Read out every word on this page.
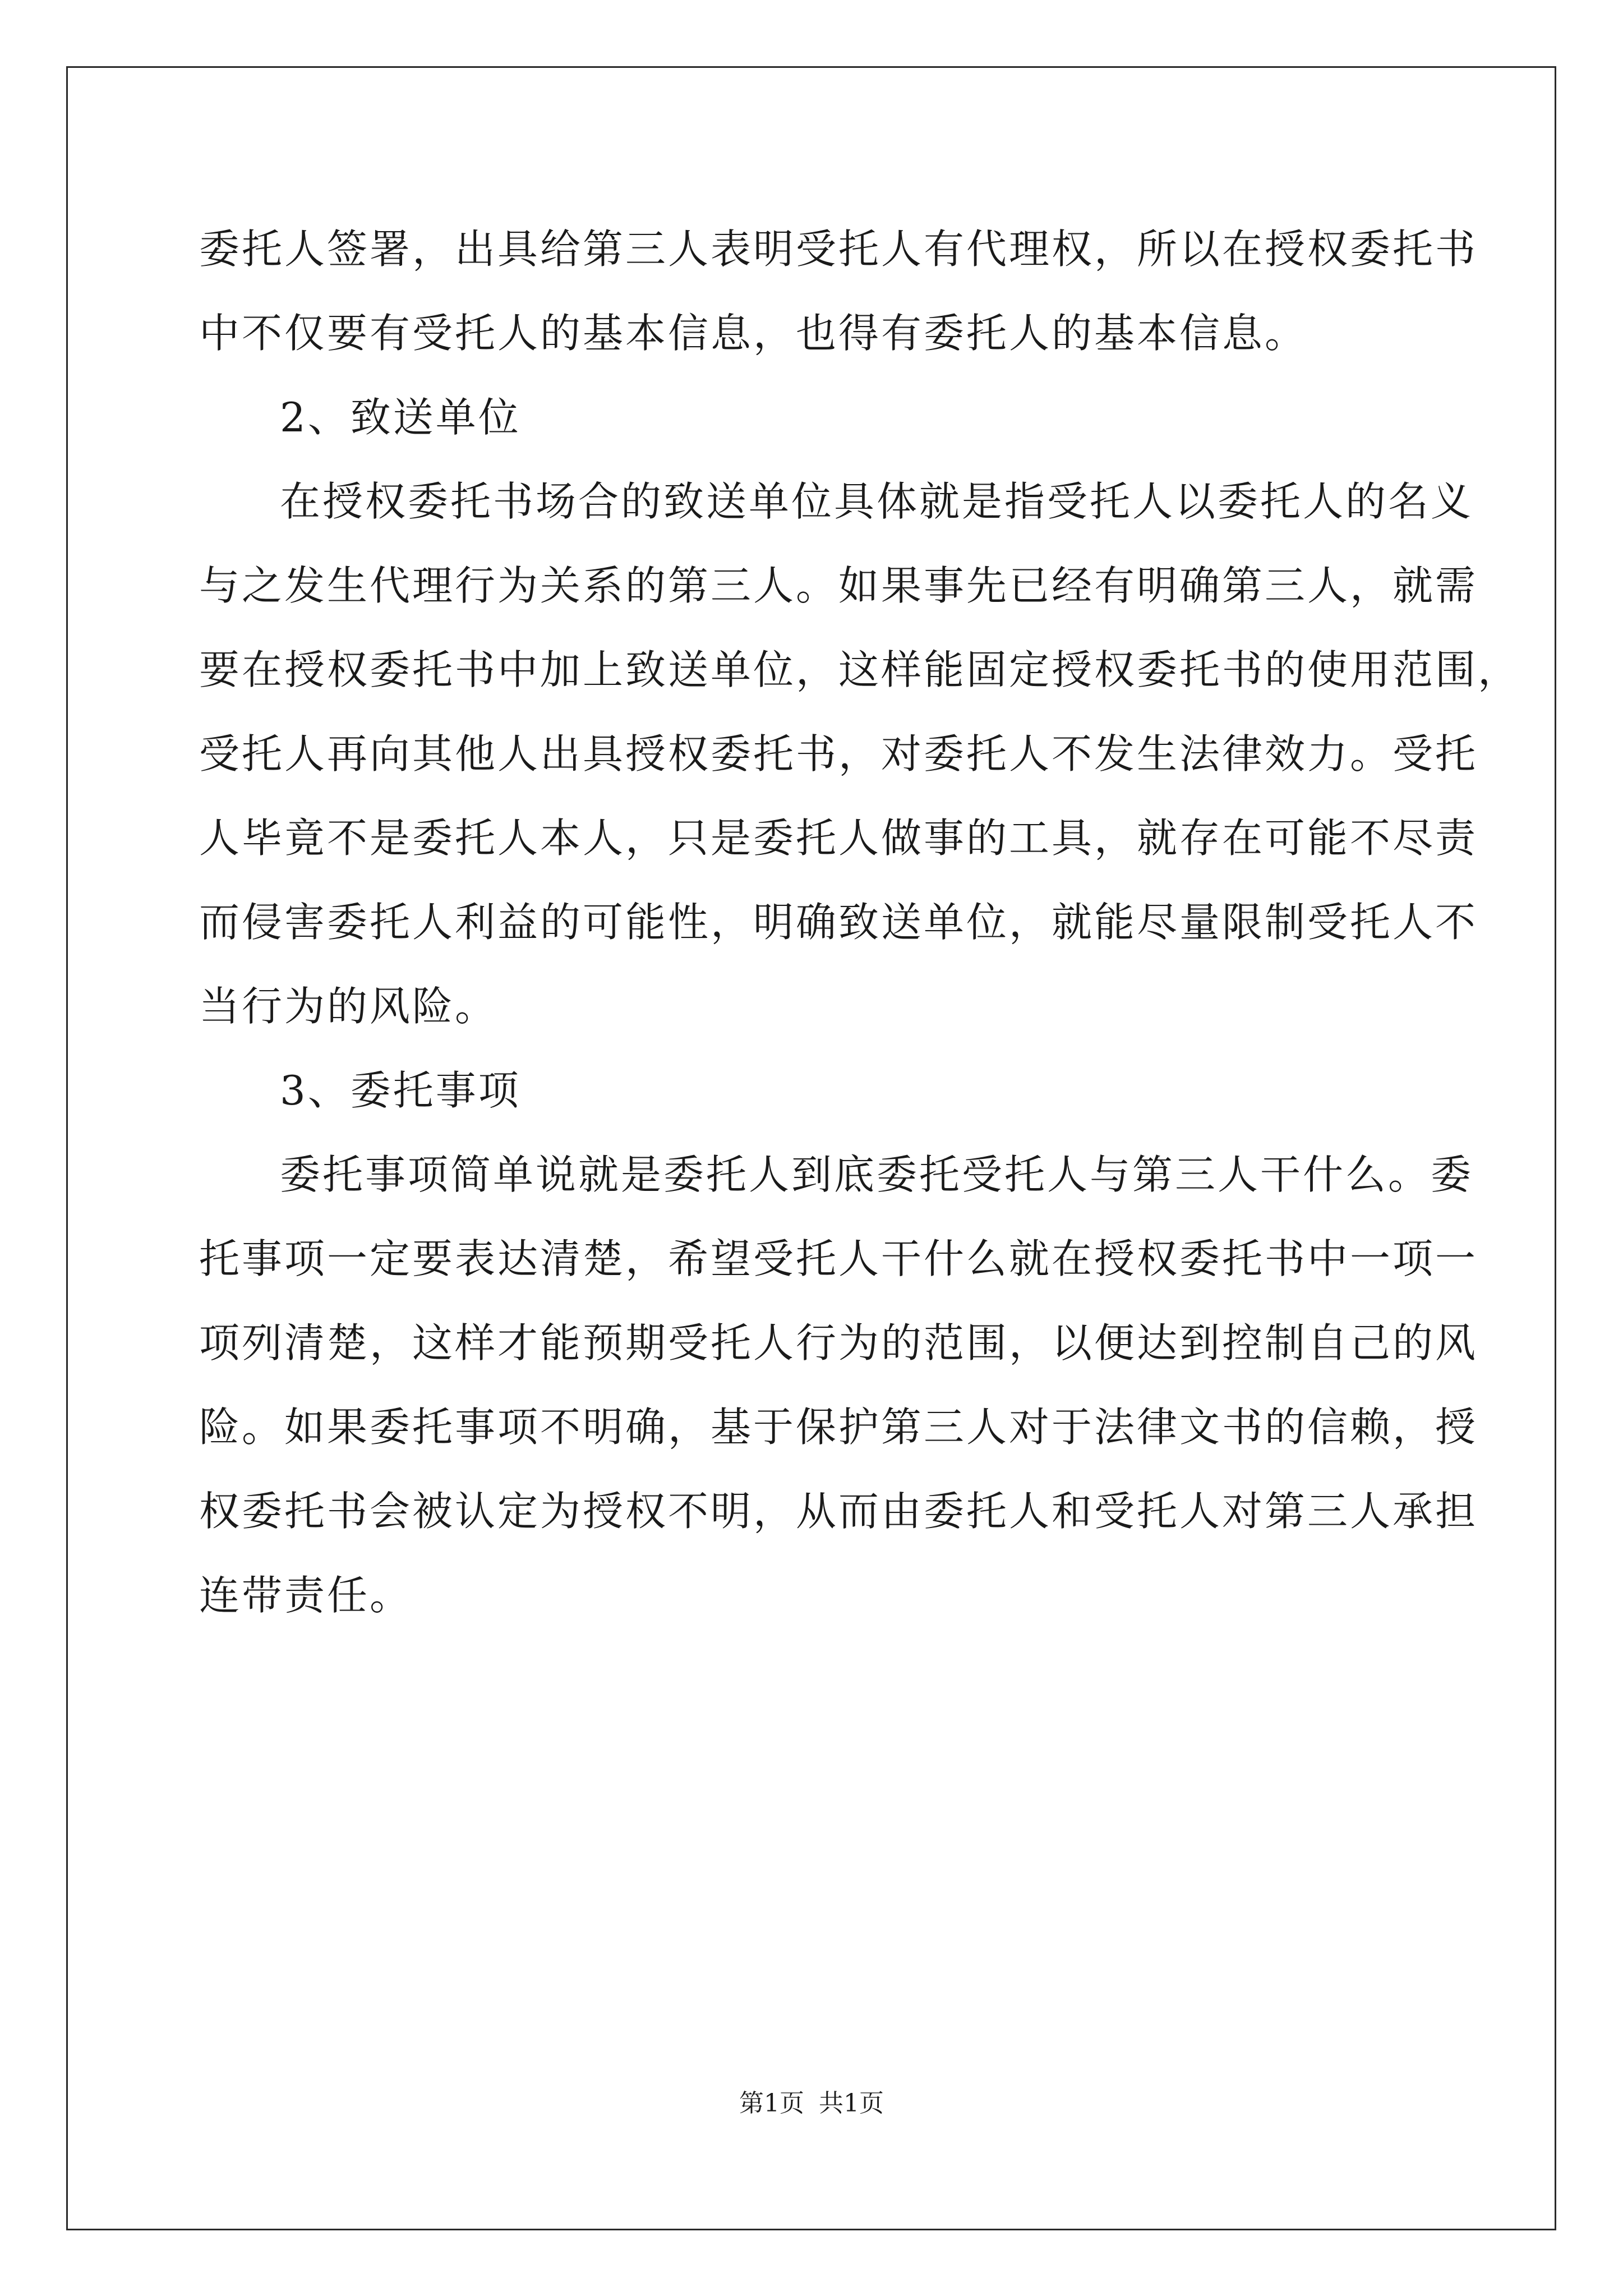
委托人签署，出具给第三人表明受托人有代理权，所以在授权委托书
中不仅要有受托人的基本信息，也得有委托人的基本信息。
2、致送单位
在授权委托书场合的致送单位具体就是指受托人以委托人的名义
与之发生代理行为关系的第三人。如果事先已经有明确第三人，就需
要在授权委托书中加上致送单位，这样能固定授权委托书的使用范围，
受托人再向其他人出具授权委托书，对委托人不发生法律效力。受托
人毕竟不是委托人本人，只是委托人做事的工具，就存在可能不尽责
而侵害委托人利益的可能性，明确致送单位，就能尽量限制受托人不
当行为的风险。
3、委托事项
委托事项简单说就是委托人到底委托受托人与第三人干什么。委
托事项一定要表达清楚，希望受托人干什么就在授权委托书中一项一
项列清楚，这样才能预期受托人行为的范围，以便达到控制自己的风
险。如果委托事项不明确，基于保护第三人对于法律文书的信赖，授
权委托书会被认定为授权不明，从而由委托人和受托人对第三人承担
连带责任。
第1页 共1页
